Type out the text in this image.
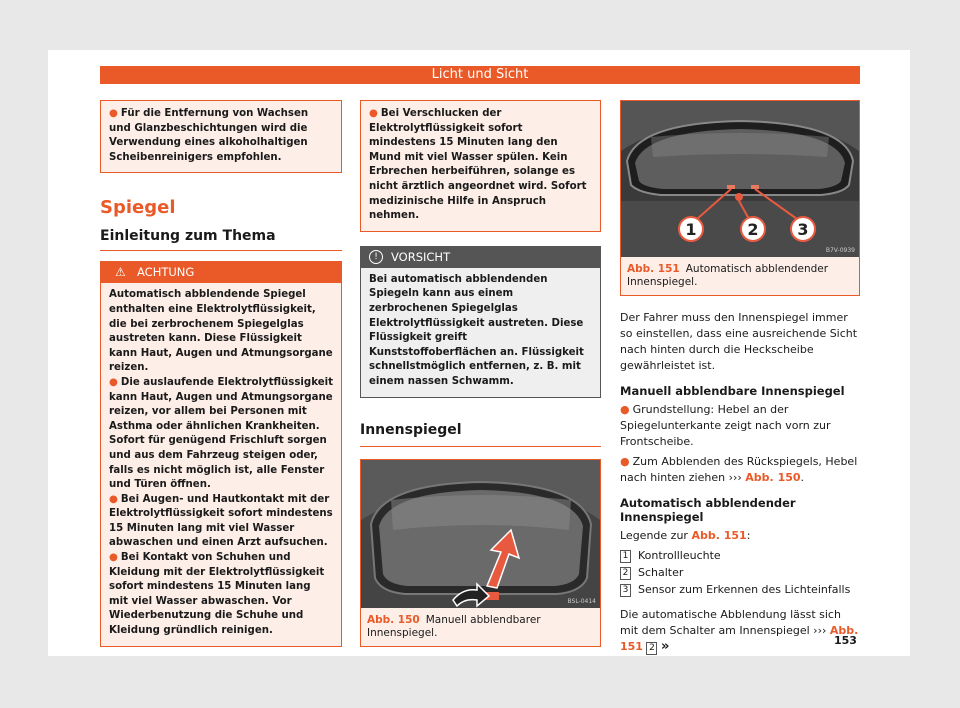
Licht und Sicht
● Für die Entfernung von Wachsen und Glanzbeschichtungen wird die Verwendung eines alkoholhaltigen Scheibenreinigers empfohlen.
Spiegel
Einleitung zum Thema
⚠ ACHTUNG
Automatisch abblendende Spiegel enthalten eine Elektrolytflüssigkeit, die bei zerbrochenem Spiegelglas austreten kann. Diese Flüssigkeit kann Haut, Augen und Atmungsorgane reizen.
● Die auslaufende Elektrolytflüssigkeit kann Haut, Augen und Atmungsorgane reizen, vor allem bei Personen mit Asthma oder ähnlichen Krankheiten. Sofort für genügend Frischluft sorgen und aus dem Fahrzeug steigen oder, falls es nicht möglich ist, alle Fenster und Türen öffnen.
● Bei Augen- und Hautkontakt mit der Elektrolytflüssigkeit sofort mindestens 15 Minuten lang mit viel Wasser abwaschen und einen Arzt aufsuchen.
● Bei Kontakt von Schuhen und Kleidung mit der Elektrolytflüssigkeit sofort mindestens 15 Minuten lang mit viel Wasser abwaschen. Vor Wiederbenutzung die Schuhe und Kleidung gründlich reinigen.
● Bei Verschlucken der Elektrolytflüssigkeit sofort mindestens 15 Minuten lang den Mund mit viel Wasser spülen. Kein Erbrechen herbeiführen, solange es nicht ärztlich angeordnet wird. Sofort medizinische Hilfe in Anspruch nehmen.
!	VORSICHT
Bei automatisch abblendenden Spiegeln kann aus einem zerbrochenen Spiegelglas Elektrolytflüssigkeit austreten. Diese Flüssigkeit greift Kunststoffoberflächen an. Flüssigkeit schnellstmöglich entfernen, z. B. mit einem nassen Schwamm.
Innenspiegel
BSL-0414
Abb. 150 Manuell abblendbarer Innenspiegel.
1	2 3
B7V-0939
Abb. 151 Automatisch abblendender Innenspiegel.
Der Fahrer muss den Innenspiegel immer so einstellen, dass eine ausreichende Sicht nach hinten durch die Heckscheibe gewährleistet ist.
Manuell abblendbare Innenspiegel
● Grundstellung: Hebel an der Spiegelunterkante zeigt nach vorn zur Frontscheibe.
● Zum Abblenden des Rückspiegels, Hebel nach hinten ziehen ››› Abb. 150.
Automatisch abblendender Innenspiegel
Legende zur Abb. 151:
1 Kontrollleuchte
2 Schalter
3 Sensor zum Erkennen des Lichteinfalls
Die automatische Abblendung lässt sich mit dem Schalter am Innenspiegel ››› Abb. 151 2 »	153
